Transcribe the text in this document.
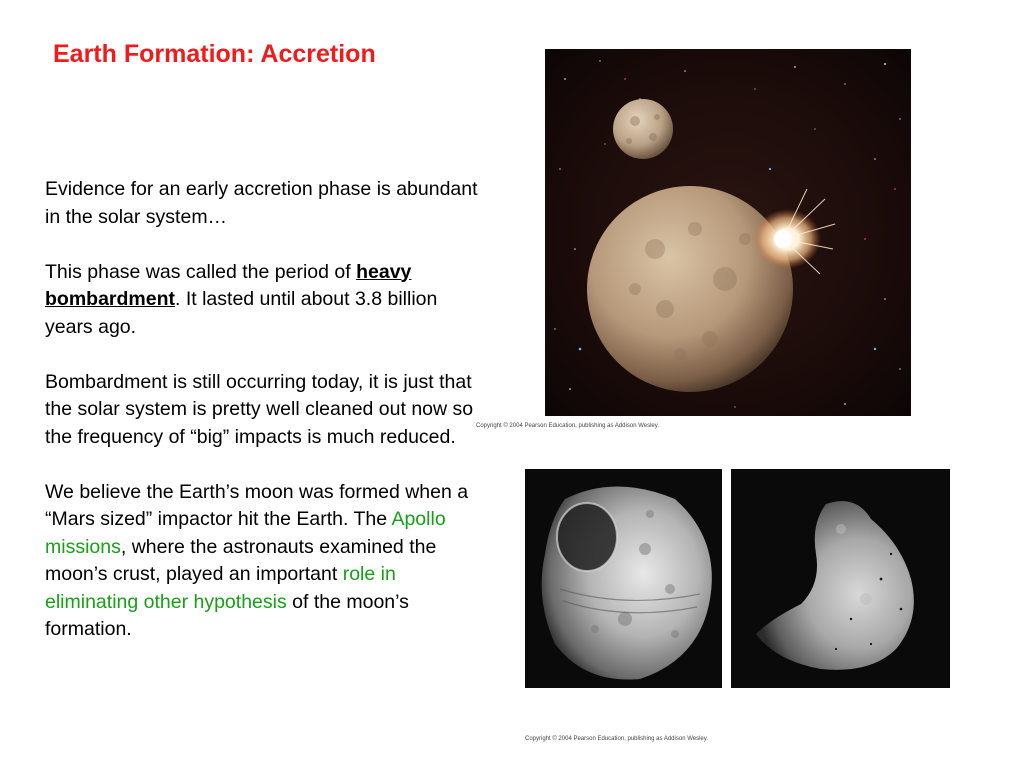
Earth Formation: Accretion

Evidence for an early accretion phase is abundant in the solar system…

This phase was called the period of heavy bombardment. It lasted until about 3.8 billion years ago.

Bombardment is still occurring today, it is just that the solar system is pretty well cleaned out now so the frequency of “big” impacts is much reduced.

We believe the Earth’s moon was formed when a “Mars sized” impactor hit the Earth. The Apollo missions, where the astronauts examined the moon’s crust, played an important role in eliminating other hypothesis of the moon’s formation.

Copyright © 2004 Pearson Education, publishing as Addison Wesley.
Copyright © 2004 Pearson Education, publishing as Addison Wesley.
